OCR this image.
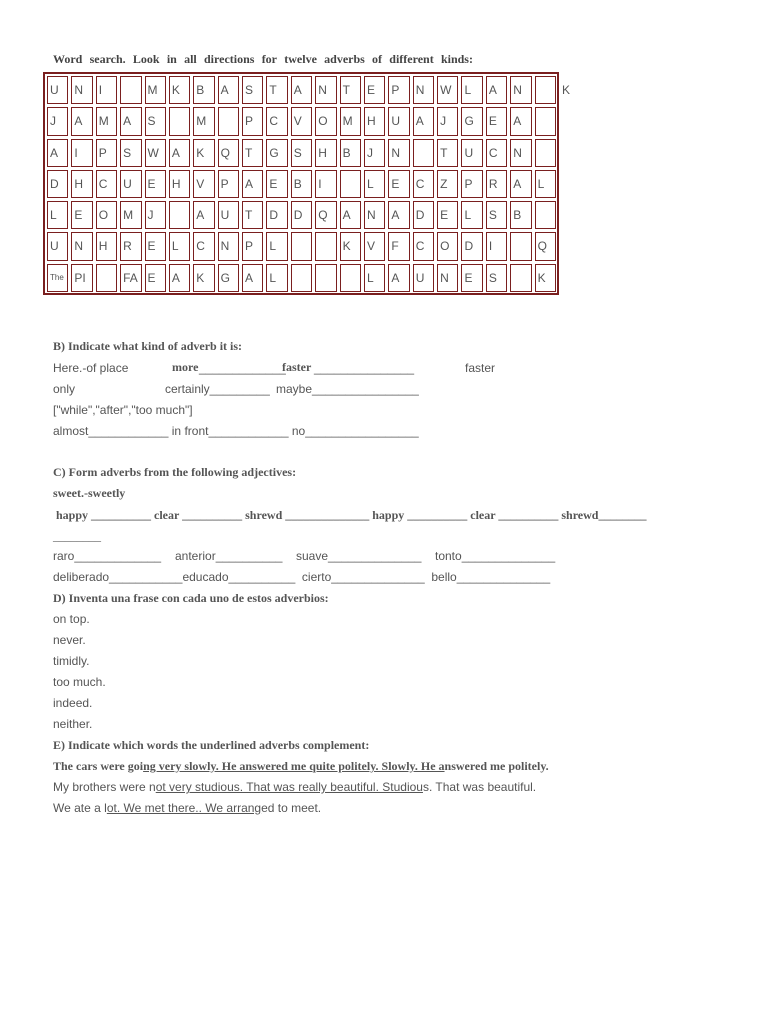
Word search. Look in all directions for twelve adverbs of different kinds:
U N I	M K B A S T A N T E P N W L A N	K
J A M A S	M	P C V O M H U A J G E A
A I P S W A K Q T G S H B J N	T U C N
D H C U E H V P A E B I	L E C Z P R A L
L E O M J	A U T D D Q A N A D E L S B
U N H R E L C N P L	K V F C O D I	Q
The PI	FA E A K G A L	L A U N E S	K
B) Indicate what kind of adverb it is:
Here.-of place	more _____________
faster _______________	faster
only	certainly_________ maybe________________
["while","after","too much"]
almost____________ in front____________ no_________________
C) Form adverbs from the following adjectives:
sweet.-sweetly
happy __________ clear __________ shrewd ______________ happy __________ clear __________ shrewd________
________
raro_____________ anterior__________ suave______________ tonto______________
deliberado___________educado__________  cierto______________  bello______________
D) Inventa una frase con cada uno de estos adverbios:
on top.
never.
timidly.
too much.
indeed.
neither.
E) Indicate which words the underlined adverbs complement:
The cars were going very slowly. He answered me quite politely. Slowly. He answered me politely.
My brothers were not very studious. That was really beautiful. Studious. That was beautiful.
We ate a lot. We met there.. We arranged to meet.
